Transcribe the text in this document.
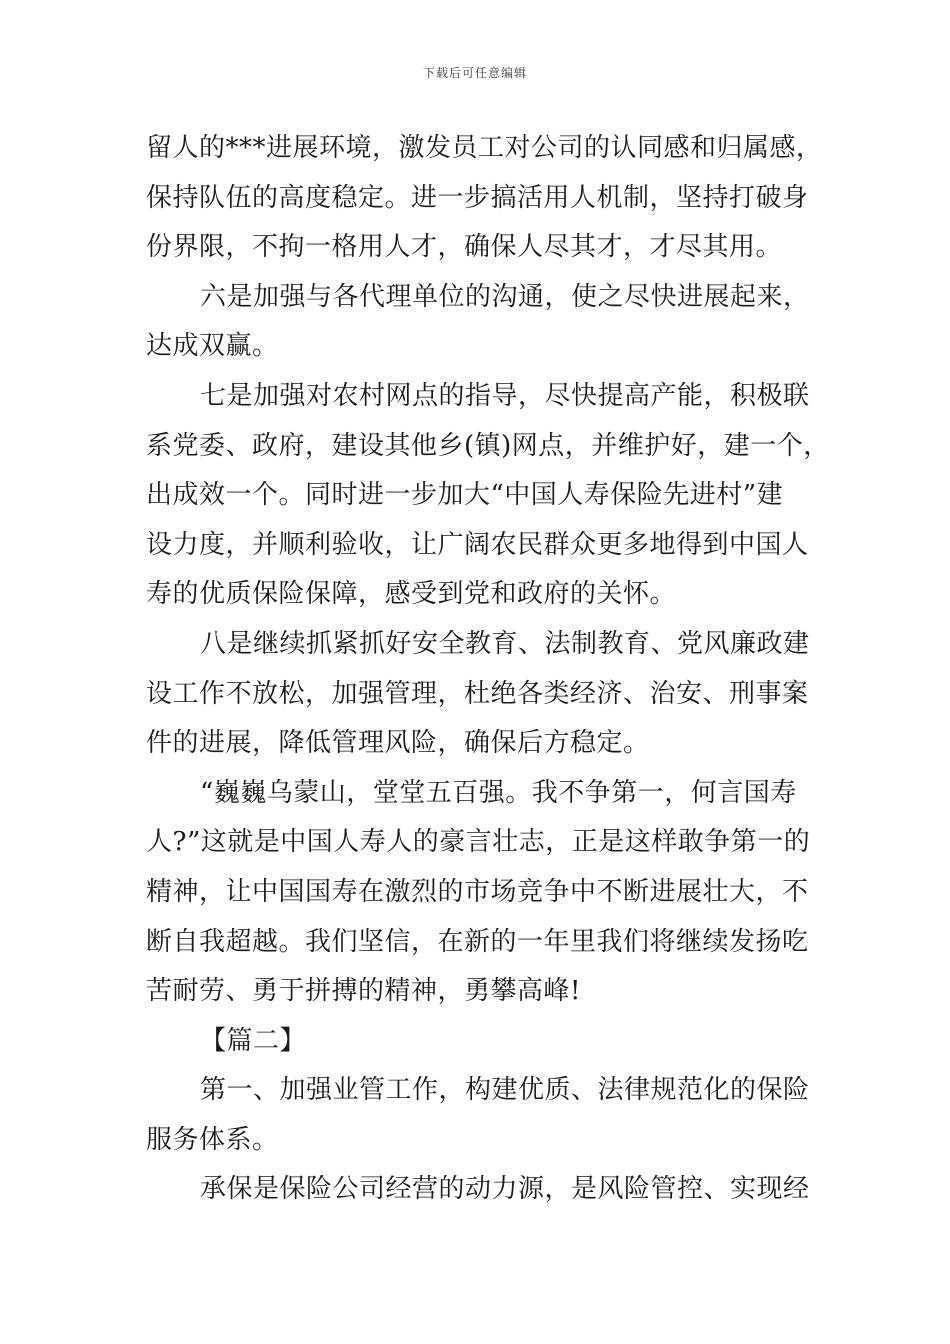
下载后可任意编辑
留人的***进展环境，激发员工对公司的认同感和归属感，
保持队伍的高度稳定。进一步搞活用人机制，坚持打破身
份界限，不拘一格用人才，确保人尽其才，才尽其用。
六是加强与各代理单位的沟通，使之尽快进展起来，
达成双赢。
七是加强对农村网点的指导，尽快提高产能，积极联
系党委、政府，建设其他乡(镇)网点，并维护好，建一个，
出成效一个。同时进一步加大“中国人寿保险先进村”建
设力度，并顺利验收，让广阔农民群众更多地得到中国人
寿的优质保险保障，感受到党和政府的关怀。
八是继续抓紧抓好安全教育、法制教育、党风廉政建
设工作不放松，加强管理，杜绝各类经济、治安、刑事案
件的进展，降低管理风险，确保后方稳定。
“巍巍乌蒙山，堂堂五百强。我不争第一，何言国寿
人?”这就是中国人寿人的豪言壮志，正是这样敢争第一的
精神，让中国国寿在激烈的市场竞争中不断进展壮大，不
断自我超越。我们坚信，在新的一年里我们将继续发扬吃
苦耐劳、勇于拼搏的精神，勇攀高峰!
【篇二】
第一、加强业管工作，构建优质、法律规范化的保险
服务体系。
承保是保险公司经营的动力源，是风险管控、实现经
